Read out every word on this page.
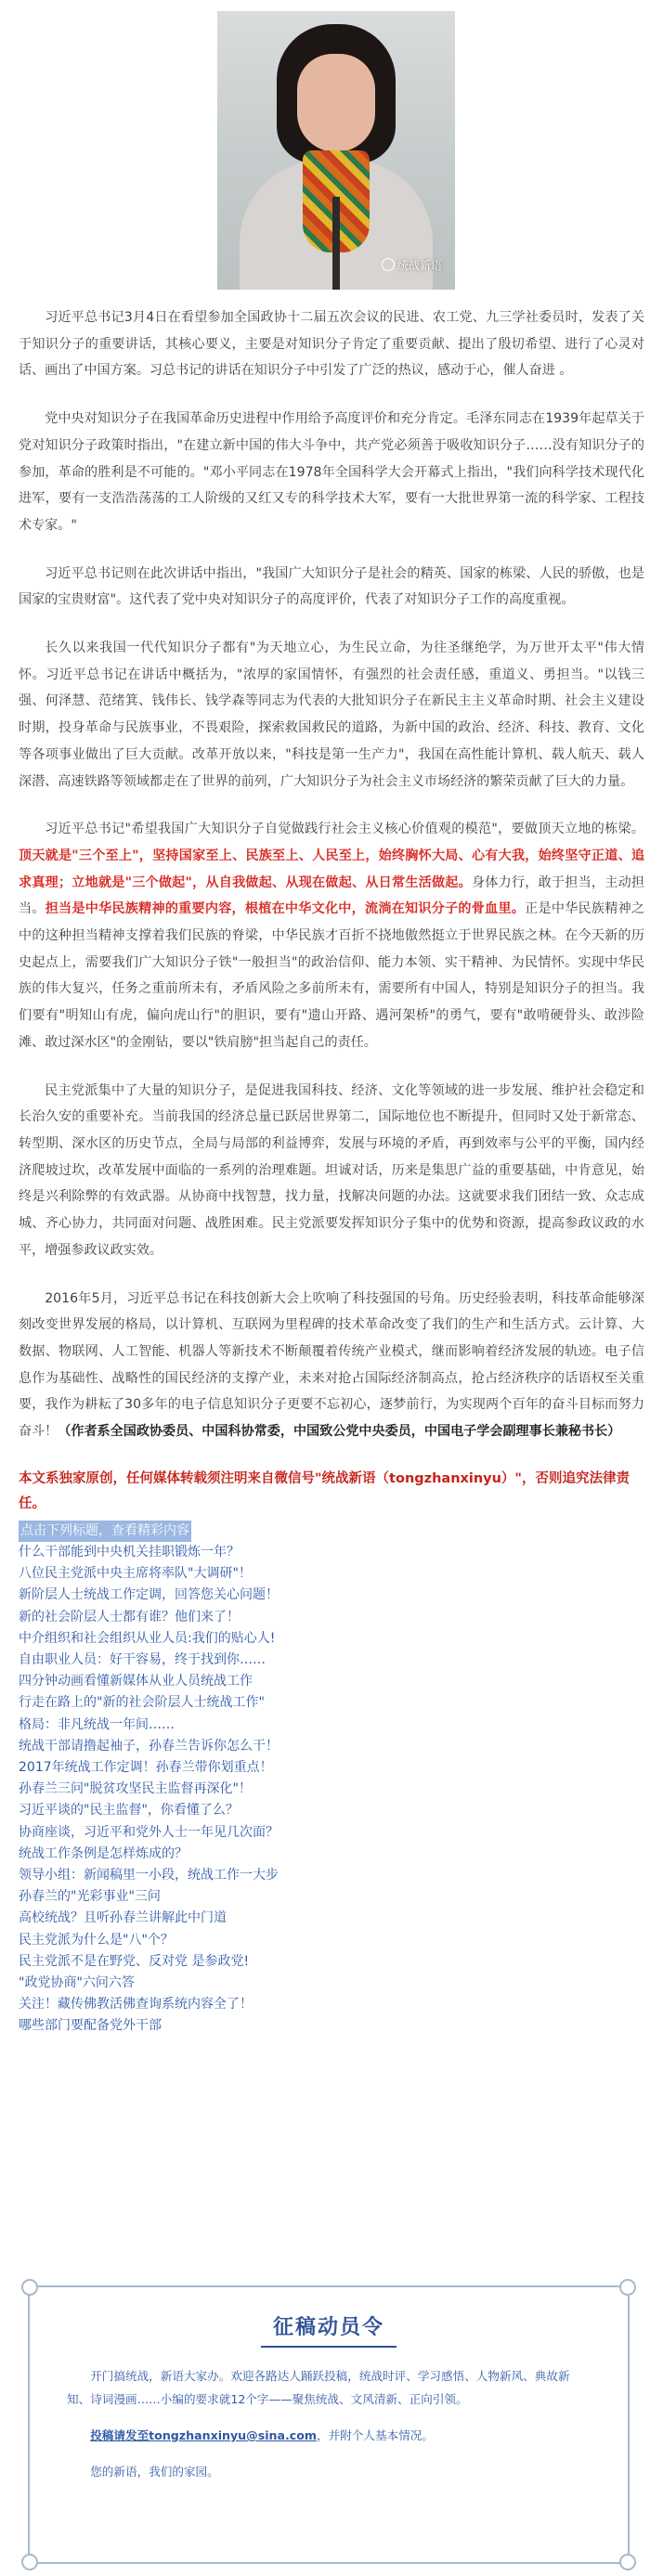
统战新语

习近平总书记3月4日在看望参加全国政协十二届五次会议的民进、农工党、九三学社委员时，发表了关于知识分子的重要讲话，其核心要义，主要是对知识分子肯定了重要贡献、提出了殷切希望、进行了心灵对话、画出了中国方案。习总书记的讲话在知识分子中引发了广泛的热议，感动于心，催人奋进 。

党中央对知识分子在我国革命历史进程中作用给予高度评价和充分肯定。毛泽东同志在1939年起草关于党对知识分子政策时指出，"在建立新中国的伟大斗争中，共产党必须善于吸收知识分子……没有知识分子的参加，革命的胜利是不可能的。"邓小平同志在1978年全国科学大会开幕式上指出，"我们向科学技术现代化进军，要有一支浩浩荡荡的工人阶级的又红又专的科学技术大军，要有一大批世界第一流的科学家、工程技术专家。"

习近平总书记则在此次讲话中指出，"我国广大知识分子是社会的精英、国家的栋梁、人民的骄傲，也是国家的宝贵财富"。这代表了党中央对知识分子的高度评价，代表了对知识分子工作的高度重视。

长久以来我国一代代知识分子都有"为天地立心，为生民立命，为往圣继绝学，为万世开太平"伟大情怀。习近平总书记在讲话中概括为，"浓厚的家国情怀，有强烈的社会责任感，重道义、勇担当。"以钱三强、何泽慧、范绪箕、钱伟长、钱学森等同志为代表的大批知识分子在新民主主义革命时期、社会主义建设时期，投身革命与民族事业，不畏艰险，探索救国救民的道路，为新中国的政治、经济、科技、教育、文化等各项事业做出了巨大贡献。改革开放以来，"科技是第一生产力"，我国在高性能计算机、载人航天、载人深潜、高速铁路等领域都走在了世界的前列，广大知识分子为社会主义市场经济的繁荣贡献了巨大的力量。

习近平总书记"希望我国广大知识分子自觉做践行社会主义核心价值观的模范"，要做顶天立地的栋梁。顶天就是"三个至上"，坚持国家至上、民族至上、人民至上，始终胸怀大局、心有大我，始终坚守正道、追求真理；立地就是"三个做起"，从自我做起、从现在做起、从日常生活做起。身体力行，敢于担当，主动担当。担当是中华民族精神的重要内容，根植在中华文化中，流淌在知识分子的骨血里。正是中华民族精神之中的这种担当精神支撑着我们民族的脊梁，中华民族才百折不挠地傲然挺立于世界民族之林。在今天新的历史起点上，需要我们广大知识分子铁"一般担当"的政治信仰、能力本领、实干精神、为民情怀。实现中华民族的伟大复兴，任务之重前所未有，矛盾风险之多前所未有，需要所有中国人，特别是知识分子的担当。我们要有"明知山有虎，偏向虎山行"的胆识，要有"遗山开路、遇河架桥"的勇气，要有"敢啃硬骨头、敢涉险滩、敢过深水区"的金刚钻，要以"铁肩膀"担当起自己的责任。

民主党派集中了大量的知识分子，是促进我国科技、经济、文化等领域的进一步发展、维护社会稳定和长治久安的重要补充。当前我国的经济总量已跃居世界第二，国际地位也不断提升，但同时又处于新常态、转型期、深水区的历史节点，全局与局部的利益博弈，发展与环境的矛盾，再到效率与公平的平衡，国内经济爬坡过坎，改革发展中面临的一系列的治理难题。坦诚对话，历来是集思广益的重要基础，中肯意见，始终是兴利除弊的有效武器。从协商中找智慧，找力量，找解决问题的办法。这就要求我们团结一致、众志成城、齐心协力，共同面对问题、战胜困难。民主党派要发挥知识分子集中的优势和资源，提高参政议政的水平，增强参政议政实效。

2016年5月，习近平总书记在科技创新大会上吹响了科技强国的号角。历史经验表明，科技革命能够深刻改变世界发展的格局，以计算机、互联网为里程碑的技术革命改变了我们的生产和生活方式。云计算、大数据、物联网、人工智能、机器人等新技术不断颠覆着传统产业模式，继而影响着经济发展的轨迹。电子信息作为基础性、战略性的国民经济的支撑产业，未来对抢占国际经济制高点，抢占经济秩序的话语权至关重要，我作为耕耘了30多年的电子信息知识分子更要不忘初心，逐梦前行，为实现两个百年的奋斗目标而努力奋斗！（作者系全国政协委员、中国科协常委，中国致公党中央委员，中国电子学会副理事长兼秘书长）

本文系独家原创，任何媒体转载须注明来自微信号"统战新语（tongzhanxinyu）"，否则追究法律责任。
点击下列标题，查看精彩内容
什么干部能到中央机关挂职锻炼一年？
八位民主党派中央主席将率队"大调研"！
新阶层人士统战工作定调，回答您关心问题！
新的社会阶层人士都有谁？他们来了！
中介组织和社会组织从业人员:我们的贴心人!
自由职业人员：好干容易，终于找到你……
四分钟动画看懂新媒体从业人员统战工作
行走在路上的"新的社会阶层人士统战工作"
格局：非凡统战一年间……
统战干部请撸起袖子，孙春兰告诉你怎么干！
2017年统战工作定调！孙春兰带你划重点！
孙春兰三问"脱贫攻坚民主监督再深化"！
习近平谈的"民主监督"，你看懂了么？
协商座谈，习近平和党外人士一年见几次面？
统战工作条例是怎样炼成的？
领导小组：新闻稿里一小段，统战工作一大步
孙春兰的"光彩事业"三问
高校统战？且听孙春兰讲解此中门道
民主党派为什么是"八"个？
民主党派不是在野党、反对党 是参政党!
"政党协商"六问六答
关注！藏传佛教活佛查询系统内容全了！
哪些部门要配备党外干部
征稿动员令

开门搞统战，新语大家办。欢迎各路达人踊跃投稿，统战时评、学习感悟、人物新风、典故新知、诗词漫画……小编的要求就12个字——聚焦统战、文风清新、正向引领。

投稿请发至tongzhanxinyu@sina.com，并附个人基本情况。

您的新语，我们的家园。
